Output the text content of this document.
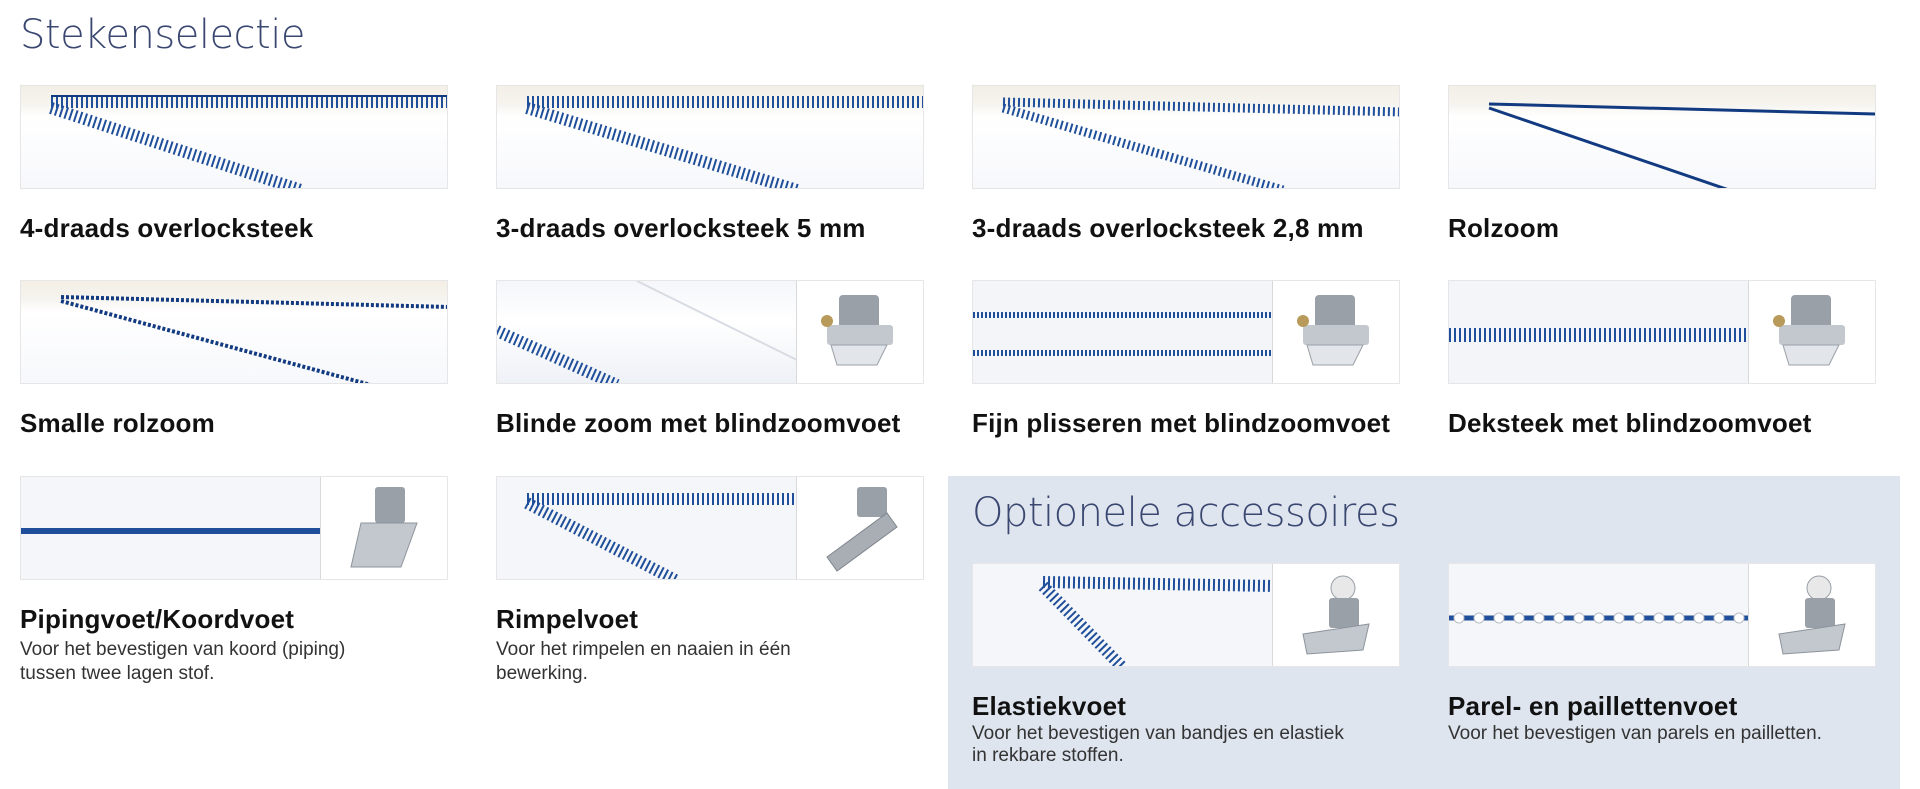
Stekenselectie

4-draads overlocksteek	3-draads overlocksteek 5 mm	3-draads overlocksteek 2,8 mm	Rolzoom

Smalle rolzoom	Blinde zoom met blindzoomvoet	Fijn plisseren met blindzoomvoet	Deksteek met blindzoomvoet

Pipingvoet/Koordvoet

Voor het bevestigen van koord (piping)
tussen twee lagen stof.

Rimpelvoet

Voor het rimpelen en naaien in één bewerking.

Optionele accessoires

Elastiekvoet

Voor het bevestigen van bandjes en elastiek
in rekbare stoffen.

Parel- en paillettenvoet

Voor het bevestigen van parels en pailletten.
